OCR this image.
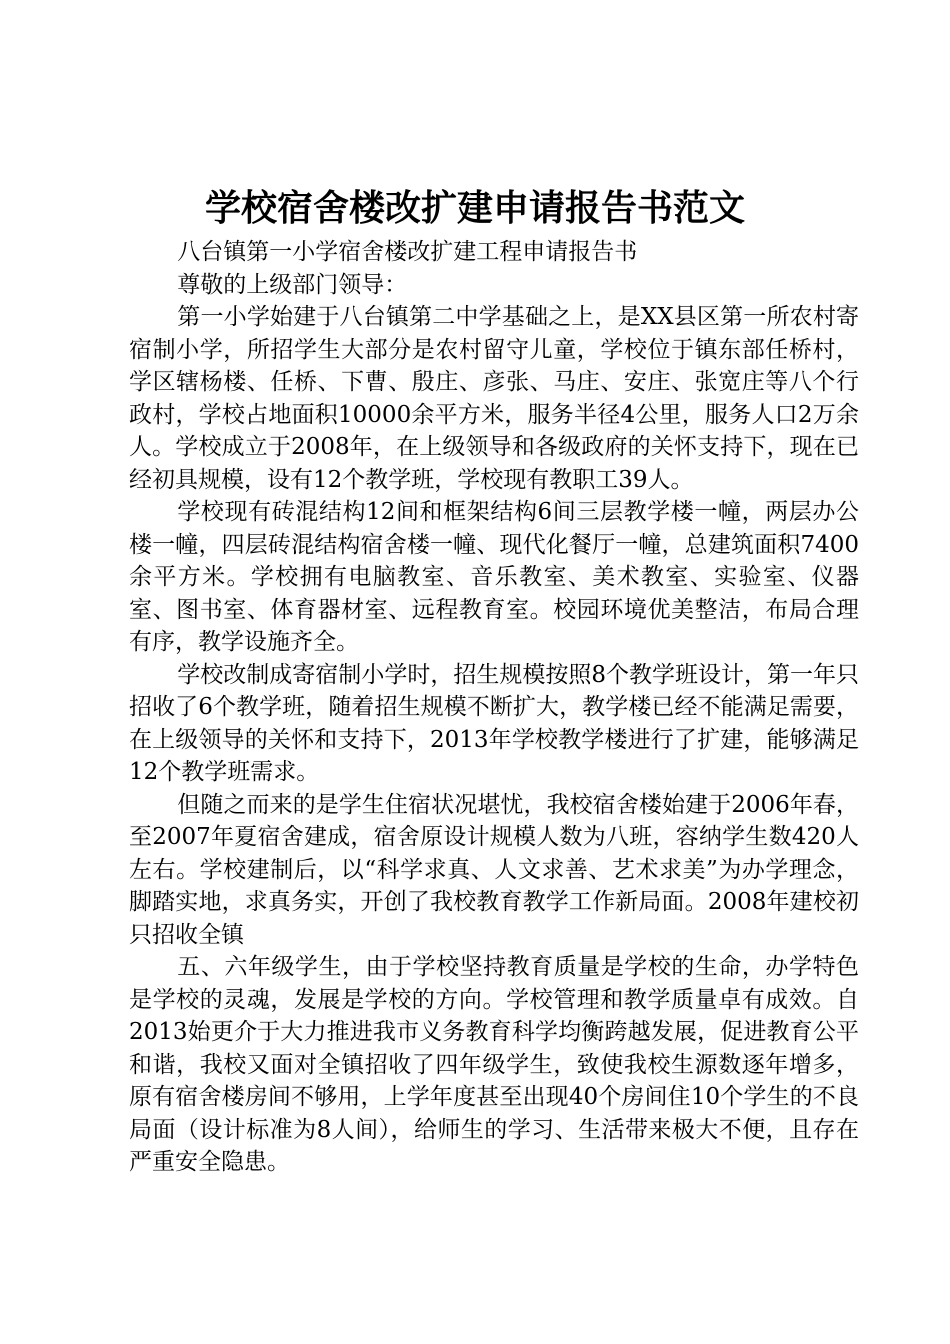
学校宿舍楼改扩建申请报告书范文

八台镇第一小学宿舍楼改扩建工程申请报告书

尊敬的上级部门领导：

第一小学始建于八台镇第二中学基础之上，是XX县区第一所农村寄宿制小学，所招学生大部分是农村留守儿童，学校位于镇东部任桥村，学区辖杨楼、任桥、下曹、殷庄、彦张、马庄、安庄、张宽庄等八个行政村，学校占地面积10000余平方米，服务半径4公里，服务人口2万余人。学校成立于2008年，在上级领导和各级政府的关怀支持下，现在已经初具规模，设有12个教学班，学校现有教职工39人。

学校现有砖混结构12间和框架结构6间三层教学楼一幢，两层办公楼一幢，四层砖混结构宿舍楼一幢、现代化餐厅一幢，总建筑面积7400余平方米。学校拥有电脑教室、音乐教室、美术教室、实验室、仪器室、图书室、体育器材室、远程教育室。校园环境优美整洁，布局合理有序，教学设施齐全。

学校改制成寄宿制小学时，招生规模按照8个教学班设计，第一年只招收了6个教学班，随着招生规模不断扩大，教学楼已经不能满足需要，在上级领导的关怀和支持下，2013年学校教学楼进行了扩建，能够满足12个教学班需求。

但随之而来的是学生住宿状况堪忧，我校宿舍楼始建于2006年春，至2007年夏宿舍建成，宿舍原设计规模人数为八班，容纳学生数420人左右。学校建制后，以“科学求真、人文求善、艺术求美”为办学理念，脚踏实地，求真务实，开创了我校教育教学工作新局面。2008年建校初只招收全镇

五、六年级学生，由于学校坚持教育质量是学校的生命，办学特色是学校的灵魂，发展是学校的方向。学校管理和教学质量卓有成效。自2013始更介于大力推进我市义务教育科学均衡跨越发展，促进教育公平和谐，我校又面对全镇招收了四年级学生，致使我校生源数逐年增多，原有宿舍楼房间不够用，上学年度甚至出现40个房间住10个学生的不良局面（设计标准为8人间），给师生的学习、生活带来极大不便，且存在严重安全隐患。
